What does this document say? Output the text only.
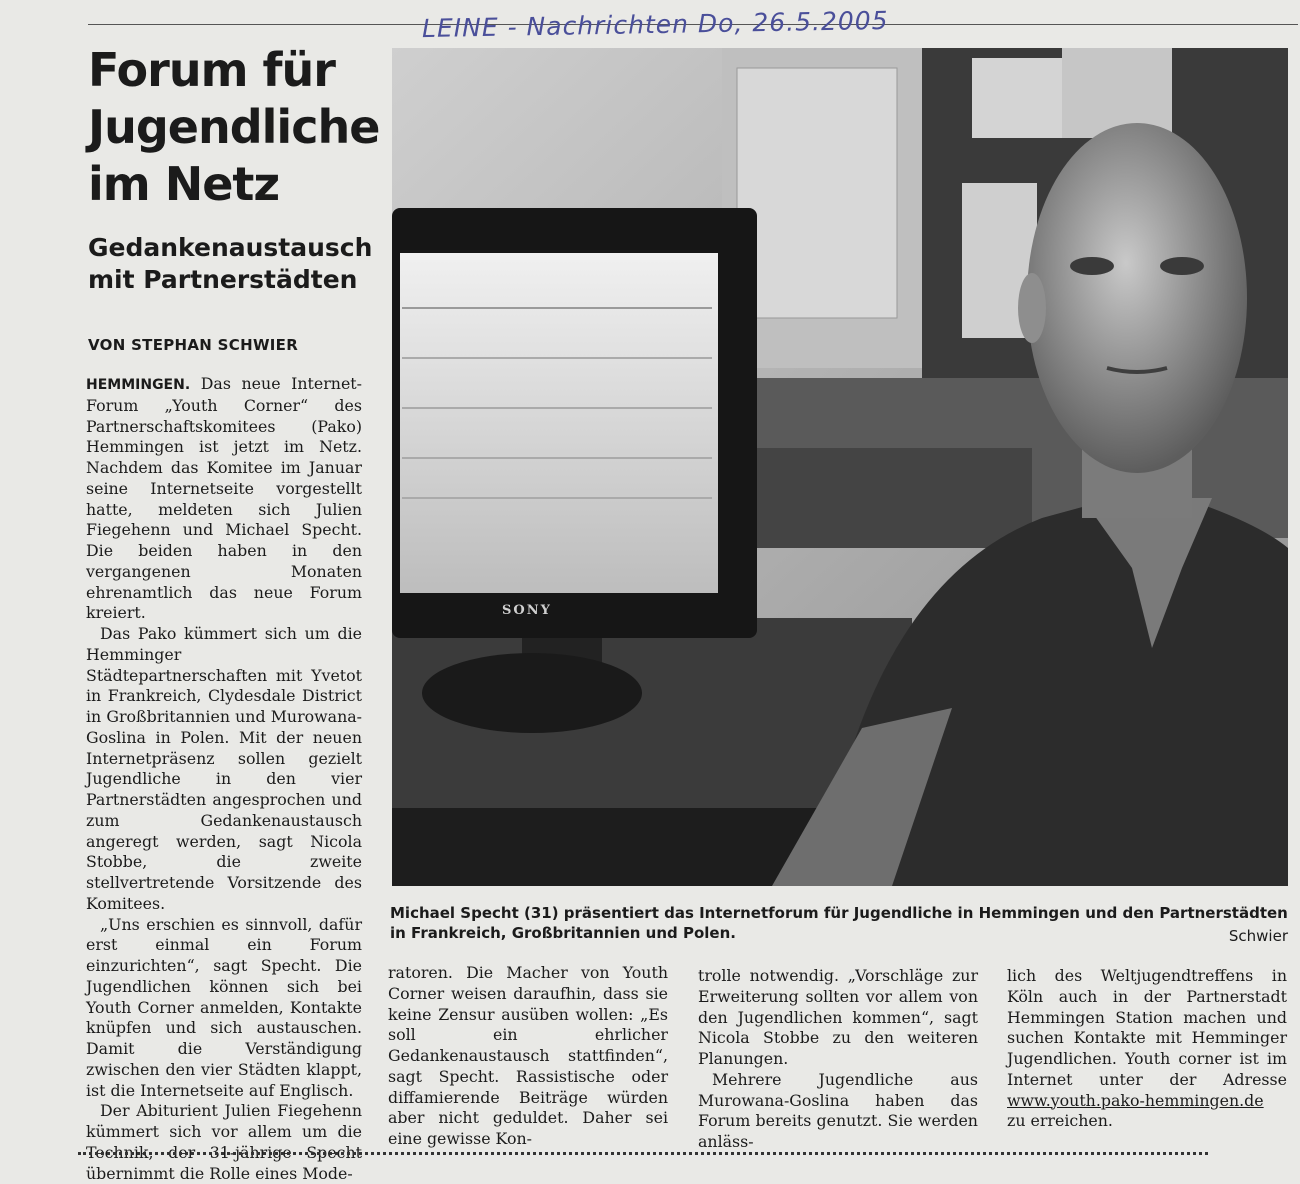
LEINE - Nachrichten Do, 26.5.2005
Forum für Jugendliche im Netz
Gedankenaustausch mit Partnerstädten
VON STEPHAN SCHWIER

HEMMINGEN. Das neue Internet-Forum „Youth Corner“ des Partnerschaftskomitees (Pako) Hemmingen ist jetzt im Netz. Nachdem das Komitee im Januar seine Internetseite vorgestellt hatte, meldeten sich Julien Fiegehenn und Michael Specht. Die beiden haben in den vergangenen Monaten ehrenamtlich das neue Forum kreiert.

Das Pako kümmert sich um die Hemminger Städtepartnerschaften mit Yvetot in Frankreich, Clydesdale District in Großbritannien und Murowana-Goslina in Polen. Mit der neuen Internetpräsenz sollen gezielt Jugendliche in den vier Partnerstädten angesprochen und zum Gedankenaustausch angeregt werden, sagt Nicola Stobbe, die zweite stellvertretende Vorsitzende des Komitees.

„Uns erschien es sinnvoll, dafür erst einmal ein Forum einzurichten“, sagt Specht. Die Jugendlichen können sich bei Youth Corner anmelden, Kontakte knüpfen und sich austauschen. Damit die Verständigung zwischen den vier Städten klappt, ist die Internetseite auf Englisch.

Der Abiturient Julien Fiegehenn kümmert sich vor allem um die Technik, der 31-jährige Specht übernimmt die Rolle eines Mode-

SONY
Michael Specht (31) präsentiert das Internetforum für Jugendliche in Hemmingen und den Partnerstädten in Frankreich, Großbritannien und Polen.	Schwier

ratoren. Die Macher von Youth Corner weisen daraufhin, dass sie keine Zensur ausüben wollen: „Es soll ein ehrlicher Gedankenaustausch stattfinden“, sagt Specht. Rassistische oder diffamierende Beiträge würden aber nicht geduldet. Daher sei eine gewisse Kon-

trolle notwendig. „Vorschläge zur Erweiterung sollten vor allem von den Jugendlichen kommen“, sagt Nicola Stobbe zu den weiteren Planungen.

Mehrere Jugendliche aus Murowana-Goslina haben das Forum bereits genutzt. Sie werden anläss-

lich des Weltjugendtreffens in Köln auch in der Partnerstadt Hemmingen Station machen und suchen Kontakte mit Hemminger Jugendlichen. Youth corner ist im Internet unter der Adresse www.youth.pako-hemmingen.de zu erreichen.
